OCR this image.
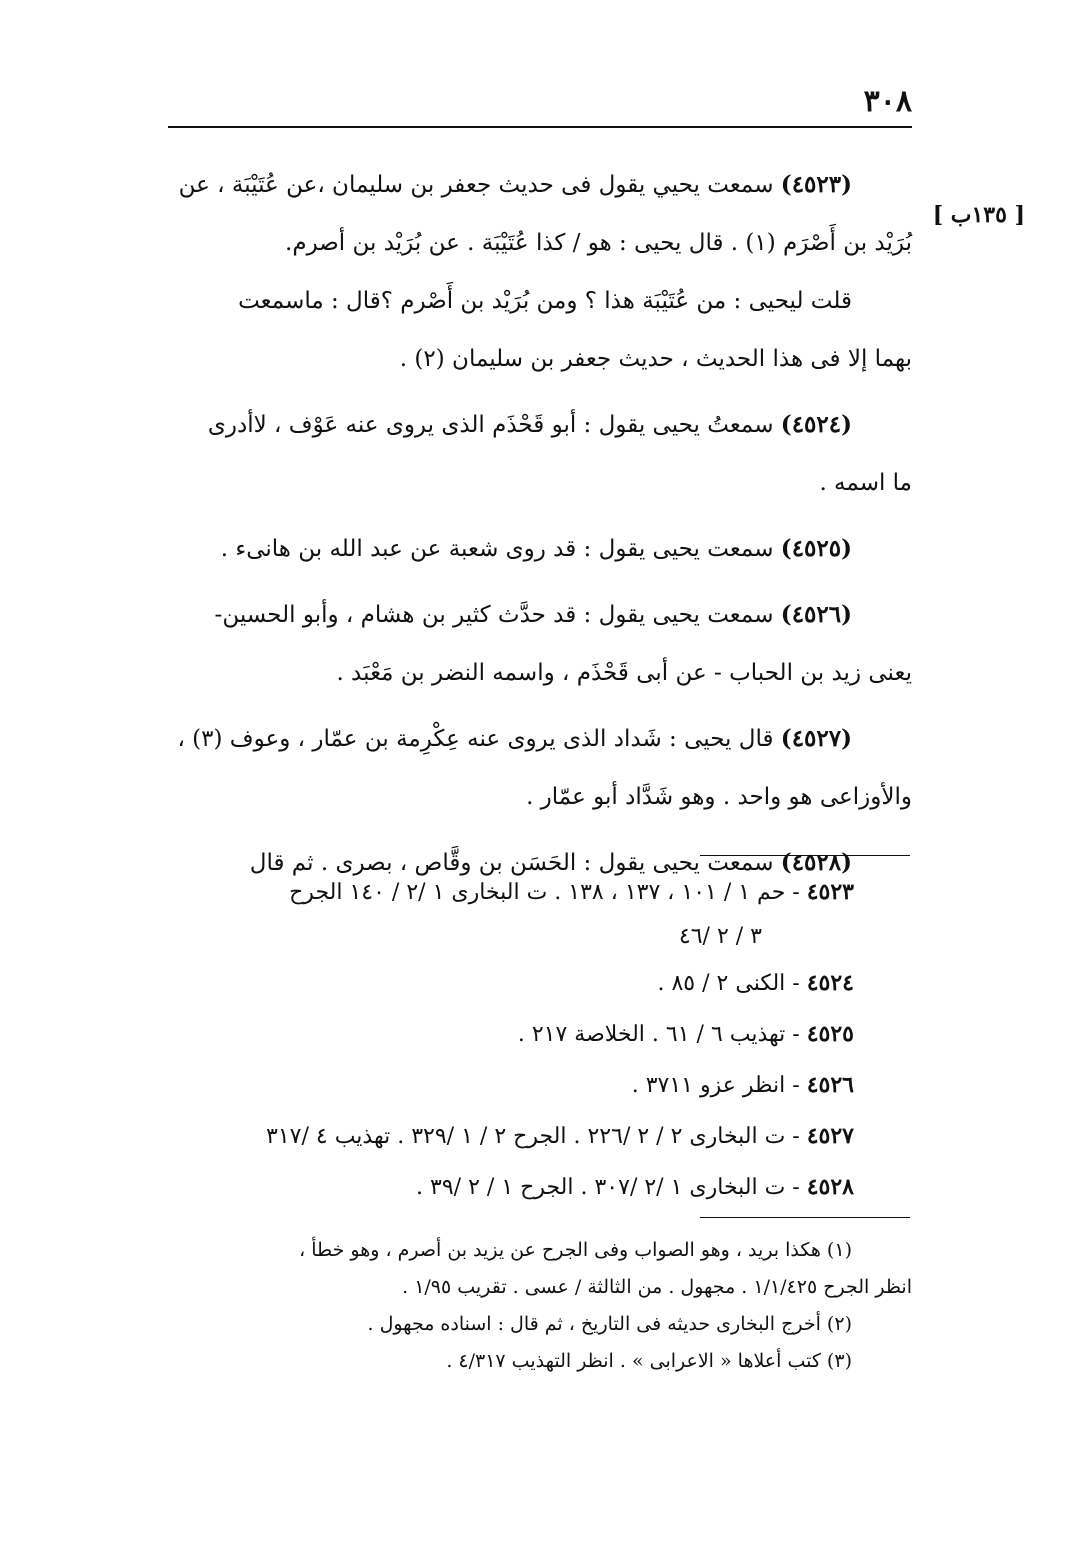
٣٠٨
[ ١٣٥ب ]

(٤٥٢٣) سمعت يحيي يقول فى حديث جعفر بن سليمان ،عن عُتَيْبَة ، عن

بُرَيْد بن أَصْرَم (١) . قال يحيى : هو / كذا عُتَيْبَة . عن بُرَيْد بن أصرم.

قلت ليحيى : من عُتَيْبَة هذا ؟ ومن بُرَيْد بن أَصْرم ؟قال : ماسمعت

بهما إلا فى هذا الحديث ، حديث جعفر بن سليمان (٢) .

(٤٥٢٤) سمعتُ يحيى يقول : أبو قَحْذَم الذى يروى عنه عَوْف ، لاأدرى

ما اسمه .

(٤٥٢٥) سمعت يحيى يقول : قد روى شعبة عن عبد الله بن هانىء .

(٤٥٢٦) سمعت يحيى يقول : قد حدَّث كثير بن هشام ، وأبو الحسين-

يعنى زيد بن الحباب - عن أبى قَحْذَم ، واسمه النضر بن مَعْبَد .

(٤٥٢٧) قال يحيى : شَداد الذى يروى عنه عِكْرِمة بن عمّار ، وعوف (٣) ،

والأوزاعى هو واحد . وهو شَدَّاد أبو عمّار .

(٤٥٢٨) سمعت يحيى يقول : الحَسَن بن وقَّاص ، بصرى . ثم قال

٤٥٢٣ - حم ١ / ١٠١ ، ١٣٧ ، ١٣٨ . ت البخارى ١ /٢ / ١٤٠ الجرح
٣ / ٢ /٤٦
٤٥٢٤ - الكنى ٢ / ٨٥ .
٤٥٢٥ - تهذيب ٦ / ٦١ . الخلاصة ٢١٧ .
٤٥٢٦ - انظر عزو ٣٧١١ .
٤٥٢٧ - ت البخارى ٢ / ٢ /٢٢٦ . الجرح ٢ / ١ /٣٢٩ . تهذيب ٤ /٣١٧
٤٥٢٨ - ت البخارى ١ /٢ /٣٠٧ . الجرح ١ / ٢ /٣٩ .
(١) هكذا بريد ، وهو الصواب وفى الجرح عن يزيد بن أصرم ، وهو خطأ ،
انظر الجرح ١/١/٤٢٥ . مجهول . من الثالثة / عسى . تقريب ١/٩٥ .
(٢) أخرج البخارى حديثه فى التاريخ ، ثم قال : اسناده مجهول .
(٣) كتب أعلاها « الاعرابى » . انظر التهذيب ٤/٣١٧ .
